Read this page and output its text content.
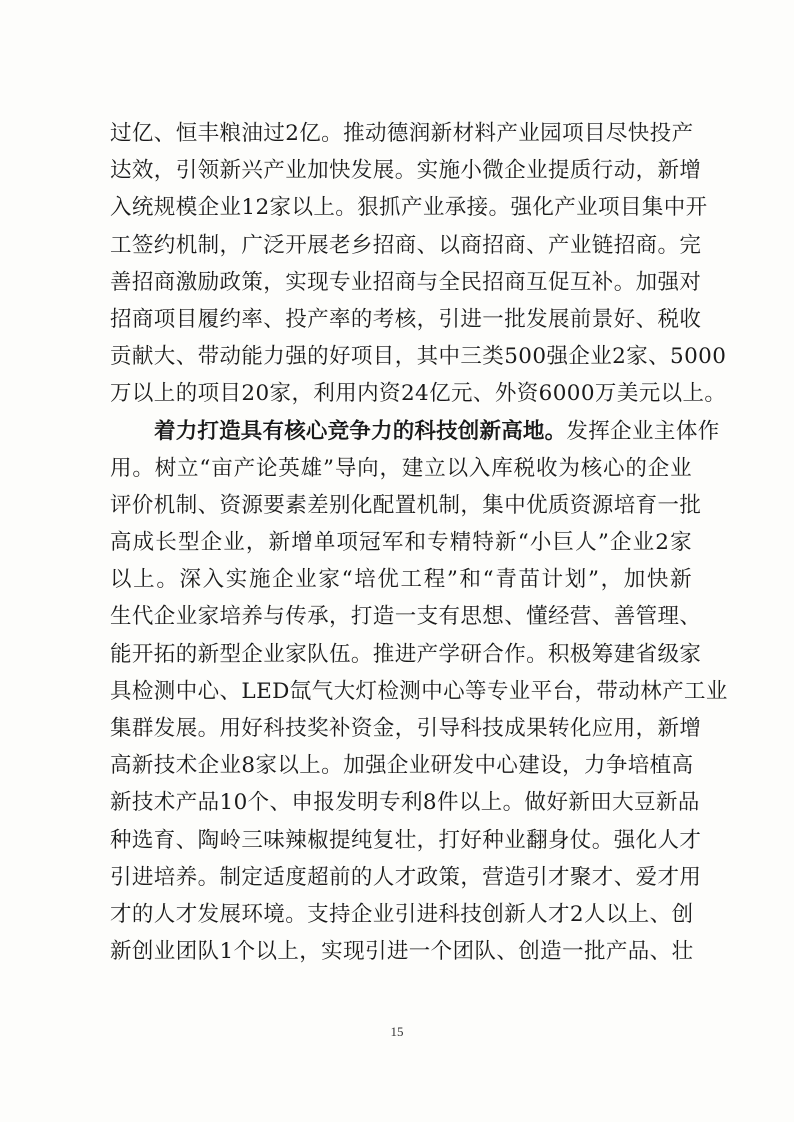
过亿、恒丰粮油过2亿。推动德润新材料产业园项目尽快投产
达效，引领新兴产业加快发展。实施小微企业提质行动，新增
入统规模企业12家以上。狠抓产业承接。强化产业项目集中开
工签约机制，广泛开展老乡招商、以商招商、产业链招商。完
善招商激励政策，实现专业招商与全民招商互促互补。加强对
招商项目履约率、投产率的考核，引进一批发展前景好、税收
贡献大、带动能力强的好项目，其中三类500强企业2家、5000
万以上的项目20家，利用内资24亿元、外资6000万美元以上。
着力打造具有核心竞争力的科技创新高地。发挥企业主体作
用。树立“亩产论英雄”导向，建立以入库税收为核心的企业
评价机制、资源要素差别化配置机制，集中优质资源培育一批
高成长型企业，新增单项冠军和专精特新“小巨人”企业2家
以上。深入实施企业家“培优工程”和“青苗计划”，加快新
生代企业家培养与传承，打造一支有思想、懂经营、善管理、
能开拓的新型企业家队伍。推进产学研合作。积极筹建省级家
具检测中心、LED氙气大灯检测中心等专业平台，带动林产工业
集群发展。用好科技奖补资金，引导科技成果转化应用，新增
高新技术企业8家以上。加强企业研发中心建设，力争培植高
新技术产品10个、申报发明专利8件以上。做好新田大豆新品
种选育、陶岭三味辣椒提纯复壮，打好种业翻身仗。强化人才
引进培养。制定适度超前的人才政策，营造引才聚才、爱才用
才的人才发展环境。支持企业引进科技创新人才2人以上、创
新创业团队1个以上，实现引进一个团队、创造一批产品、壮
15
